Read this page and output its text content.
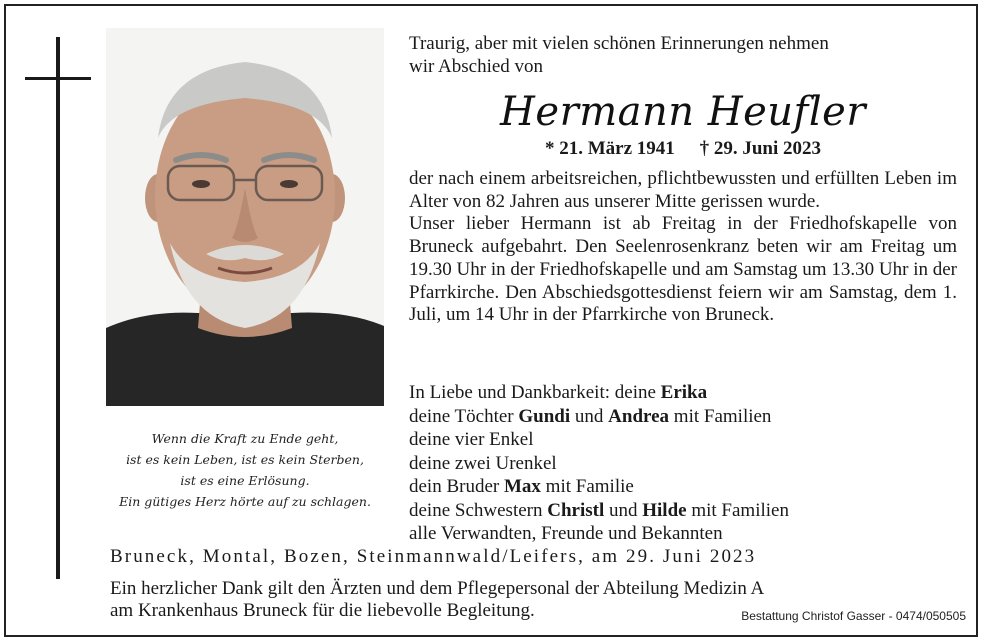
Wenn die Kraft zu Ende geht,
ist es kein Leben, ist es kein Sterben,
ist es eine Erlösung.
Ein gütiges Herz hörte auf zu schlagen.
Traurig, aber mit vielen schönen Erinnerungen nehmen
wir Abschied von
Hermann Heufler
* 21. März 1941 † 29. Juni 2023

der nach einem arbeitsreichen, pflichtbewussten und erfüllten Leben im Alter von 82 Jahren aus unserer Mitte gerissen wurde.

Unser lieber Hermann ist ab Freitag in der Friedhofskapelle von Bruneck aufgebahrt. Den Seelenrosenkranz beten wir am Freitag um 19.30 Uhr in der Friedhofskapelle und am Samstag um 13.30 Uhr in der Pfarrkirche. Den Abschiedsgottesdienst feiern wir am Samstag, dem 1. Juli, um 14 Uhr in der Pfarrkirche von Bruneck.

In Liebe und Dankbarkeit: deine Erika
deine Töchter Gundi und Andrea mit Familien
deine vier Enkel
deine zwei Urenkel
dein Bruder Max mit Familie
deine Schwestern Christl und Hilde mit Familien
alle Verwandten, Freunde und Bekannten
Bruneck, Montal, Bozen, Steinmannwald/Leifers, am 29. Juni 2023
Ein herzlicher Dank gilt den Ärzten und dem Pflegepersonal der Abteilung Medizin A
am Krankenhaus Bruneck für die liebevolle Begleitung.	Bestattung Christof Gasser - 0474/050505
